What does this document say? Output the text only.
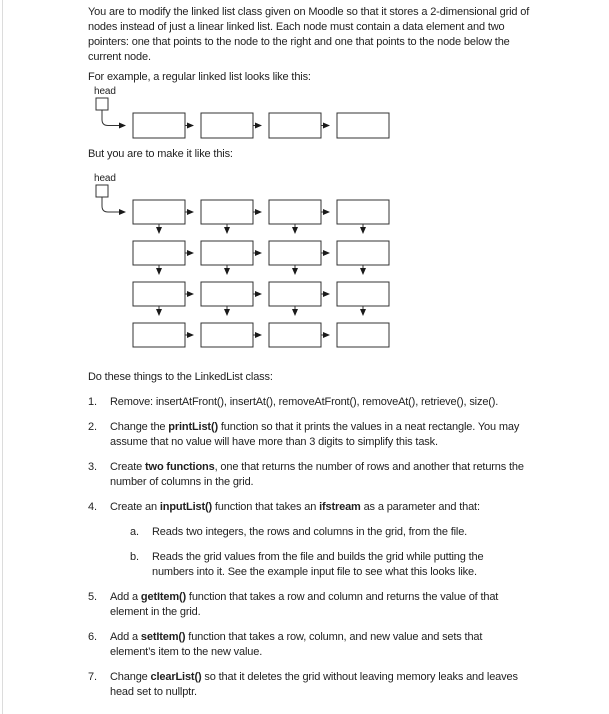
You are to modify the linked list class given on Moodle so that it stores a 2-dimensional grid of nodes instead of just a linear linked list. Each node must contain a data element and two pointers: one that points to the node to the right and one that points to the node below the current node.

For example, a regular linked list looks like this:

head

But you are to make it like this:

head

Do these things to the LinkedList class:

1.	Remove: insertAtFront(), insertAt(), removeAtFront(), removeAt(), retrieve(), size().
2.	Change the printList() function so that it prints the values in a neat rectangle. You may assume that no value will have more than 3 digits to simplify this task.
3.	Create two functions, one that returns the number of rows and another that returns the number of columns in the grid.
4.	Create an inputList() function that takes an ifstream as a parameter and that:
a.	Reads two integers, the rows and columns in the grid, from the file.
b.	Reads the grid values from the file and builds the grid while putting the numbers into it. See the example input file to see what this looks like.
5.	Add a getItem() function that takes a row and column and returns the value of that element in the grid.
6.	Add a setItem() function that takes a row, column, and new value and sets that element’s item to the new value.
7.	Change clearList() so that it deletes the grid without leaving memory leaks and leaves head set to nullptr.
